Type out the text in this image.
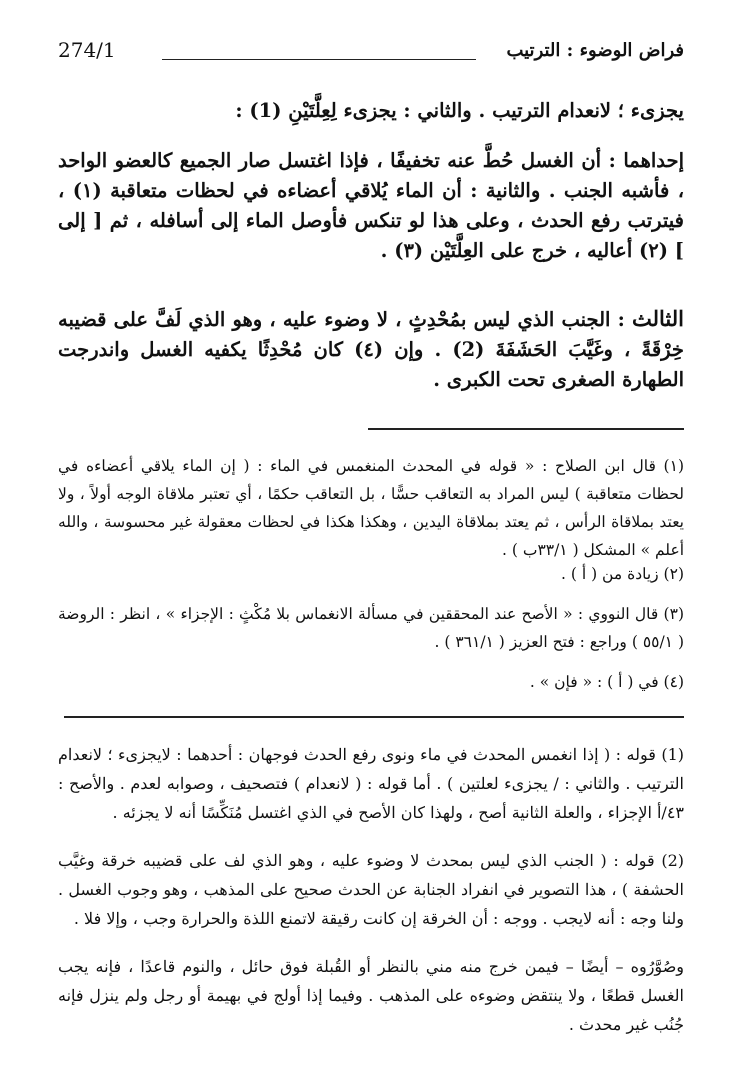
274/1	فراض الوضوء : الترتيب

يجزىء ؛ لانعدام الترتيب . والثاني : يجزىء لِعِلَّتَيْنِ (1) :

إحداهما : أن الغسل حُطَّ عنه تخفيفًا ، فإذا اغتسل صار الجميع كالعضو الواحد ، فأشبه الجنب . والثانية : أن الماء يُلاقي أعضاءه في لحظات متعاقبة (١) ، فيترتب رفع الحدث ، وعلى هذا لو تنكس فأوصل الماء إلى أسافله ، ثم [ إلى ] (٢) أعاليه ، خرج على العِلَّتَيْن (٣) .

الثالث : الجنب الذي ليس بمُحْدِثٍ ، لا وضوء عليه ، وهو الذي لَفَّ على قضيبه خِرْقَةً ، وغَيَّبَ الحَشَفَةَ (2) . وإن (٤) كان مُحْدِثًا يكفيه الغسل واندرجت الطهارة الصغرى تحت الكبرى .

(١) قال ابن الصلاح : « قوله في المحدث المنغمس في الماء : ( إن الماء يلاقي أعضاءه في لحظات متعاقبة ) ليس المراد به التعاقب حسًّا ، بل التعاقب حكمًا ، أي تعتبر ملاقاة الوجه أولاً ، ولا يعتد بملاقاة الرأس ، ثم يعتد بملاقاة اليدين ، وهكذا هكذا في لحظات معقولة غير محسوسة ، والله أعلم » المشكل ( ٣٣/١ب ) .

(٢) زيادة من ( أ ) .

(٣) قال النووي : « الأصح عند المحققين في مسألة الانغماس بلا مُكْثٍ : الإجزاء » ، انظر : الروضة ( ٥٥/١ ) وراجع : فتح العزيز ( ٣٦١/١ ) .

(٤) في ( أ ) : « فإن » .

(1) قوله : ( إذا انغمس المحدث في ماء ونوى رفع الحدث فوجهان : أحدهما : لايجزىء ؛ لانعدام الترتيب . والثاني : / يجزىء لعلتين ) . أما قوله : ( لانعدام ) فتصحيف ، وصوابه لعدم . والأصح : ٤٣/أ الإجزاء ، والعلة الثانية أصح ، ولهذا كان الأصح في الذي اغتسل مُنَكِّسًا أنه لا يجزئه .

(2) قوله : ( الجنب الذي ليس بمحدث لا وضوء عليه ، وهو الذي لف على قضيبه خرقة وغيَّب الحشفة ) ، هذا التصوير في انفراد الجنابة عن الحدث صحيح على المذهب ، وهو وجوب الغسل . ولنا وجه : أنه لايجب . ووجه : أن الخرقة إن كانت رقيقة لاتمنع اللذة والحرارة وجب ، وإلا فلا .

وصُوَّرُوه – أيضًا – فيمن خرج منه مني بالنظر أو القُبلة فوق حائل ، والنوم قاعدًا ، فإنه يجب الغسل قطعًا ، ولا ينتقض وضوءه على المذهب . وفيما إذا أولج في بهيمة أو رجل ولم ينزل فإنه جُنُب غير محدث .
